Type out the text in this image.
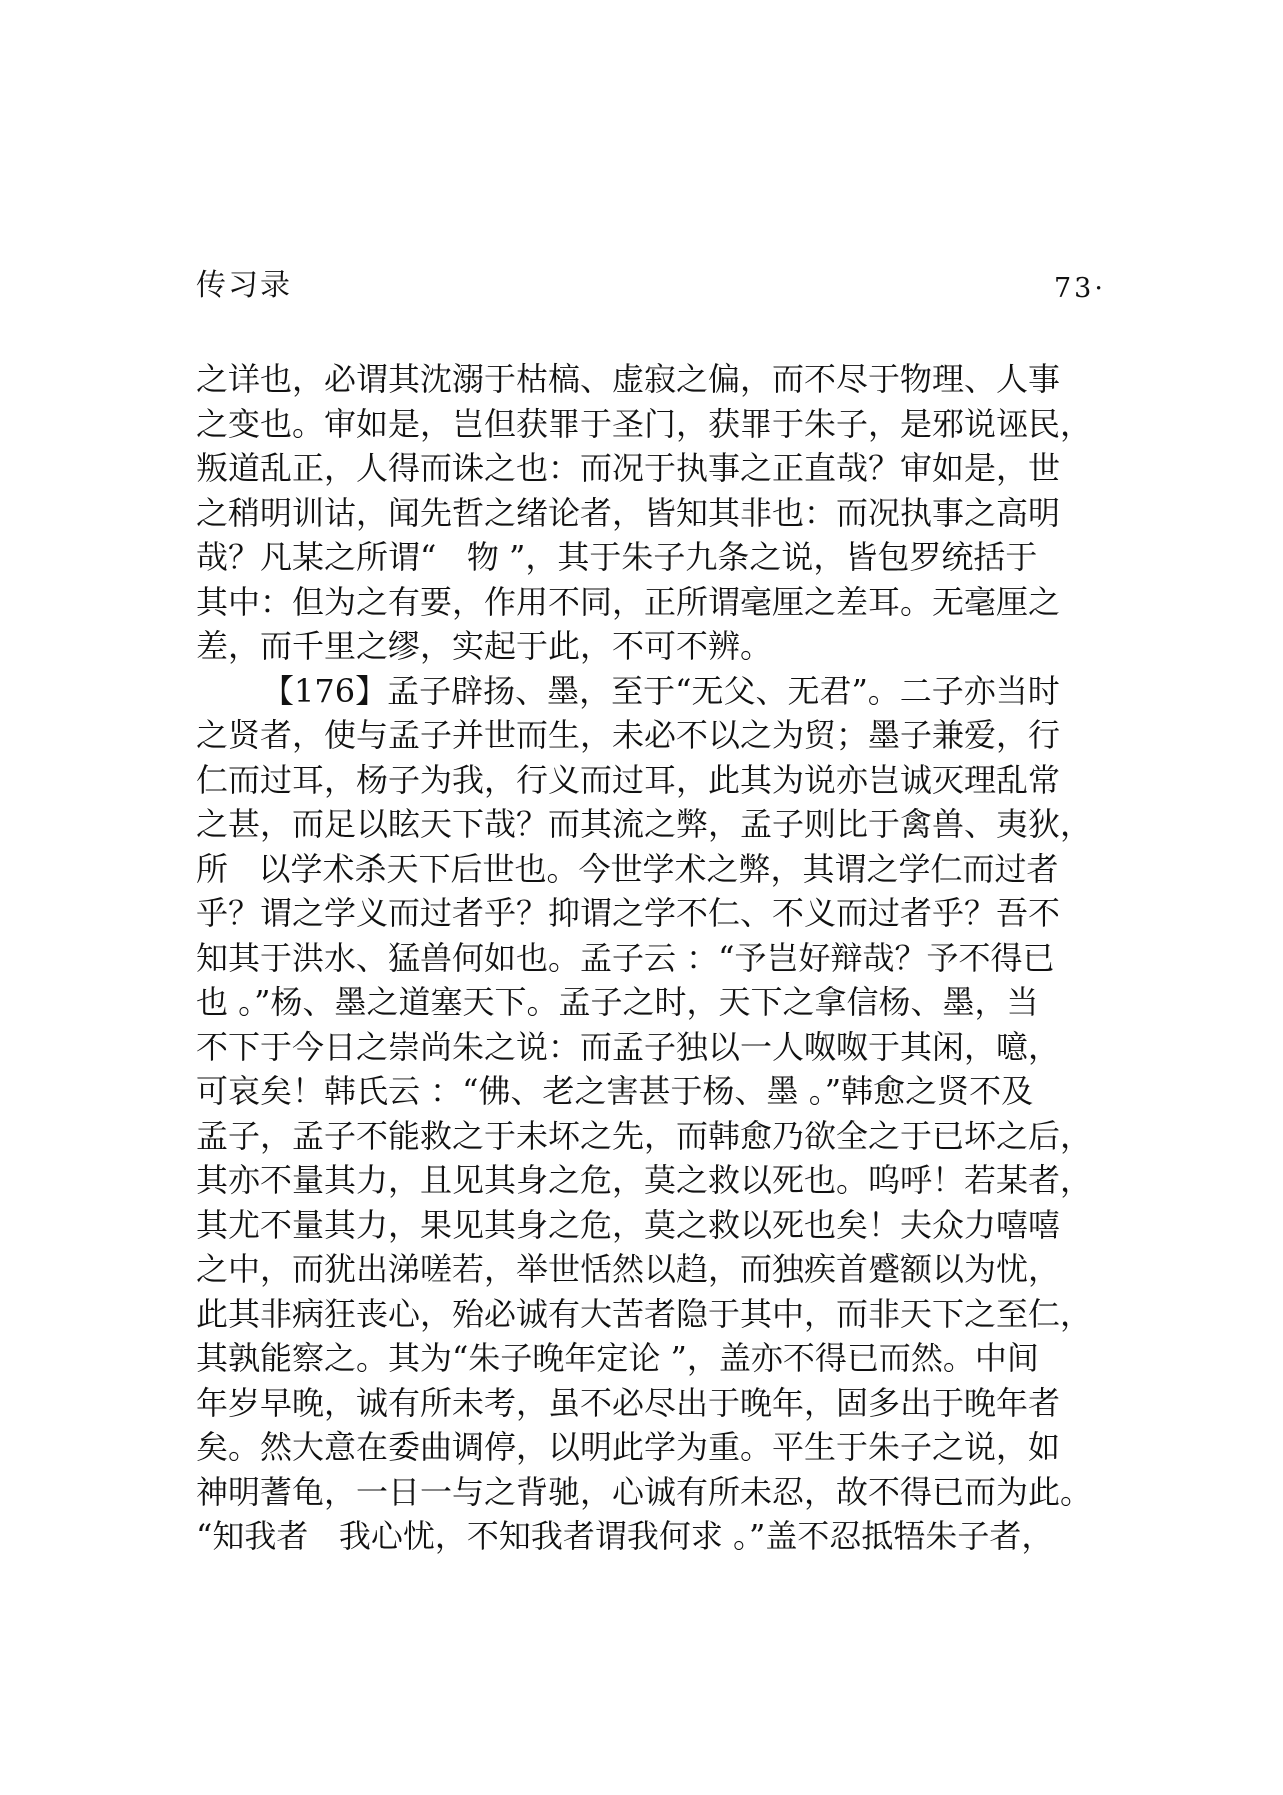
传习录	73·
之详也，必谓其沈溺于枯槁、虚寂之偏，而不尽于物理、人事
之变也。审如是，岂但获罪于圣门，获罪于朱子，是邪说诬民，
叛道乱正，人得而诛之也：而况于执事之正直哉？审如是，世
之稍明训诂，闻先哲之绪论者，皆知其非也：而况执事之高明
哉？凡某之所谓“   物 ”，其于朱子九条之说，皆包罗统括于
其中：但为之有要，作用不同，正所谓毫厘之差耳。无毫厘之
差，而千里之缪，实起于此，不可不辨。
【176】孟子辟扬、墨，至于“无父、无君”。二子亦当时
之贤者，使与孟子并世而生，未必不以之为贸；墨子兼爱，行
仁而过耳，杨子为我，行义而过耳，此其为说亦岂诚灭理乱常
之甚，而足以眩天下哉？而其流之弊，孟子则比于禽兽、夷狄，
所   以学术杀天下后世也。今世学术之弊，其谓之学仁而过者
乎？谓之学义而过者乎？抑谓之学不仁、不义而过者乎？吾不
知其于洪水、猛兽何如也。孟子云 ：“予岂好辩哉？予不得已
也 。”杨、墨之道塞天下。孟子之时，天下之拿信杨、墨，当
不下于今日之崇尚朱之说：而孟子独以一人呶呶于其闲，噫，
可哀矣！韩氏云 ：“佛、老之害甚于杨、墨 。”韩愈之贤不及
孟子，孟子不能救之于未坏之先，而韩愈乃欲全之于已坏之后，
其亦不量其力，且见其身之危，莫之救以死也。呜呼！若某者，
其尤不量其力，果见其身之危，莫之救以死也矣！夫众力嘻嘻
之中，而犹出涕嗟若，举世恬然以趋，而独疾首蹙额以为忧，
此其非病狂丧心，殆必诚有大苦者隐于其中，而非天下之至仁，
其孰能察之。其为“朱子晚年定论 ”，盖亦不得已而然。中间
年岁早晚，诚有所未考，虽不必尽出于晚年，固多出于晚年者
矣。然大意在委曲调停，以明此学为重。平生于朱子之说，如
神明蓍龟，一日一与之背驰，心诚有所未忍，故不得已而为此。
“知我者   我心忧，不知我者谓我何求 。”盖不忍抵牾朱子者，
